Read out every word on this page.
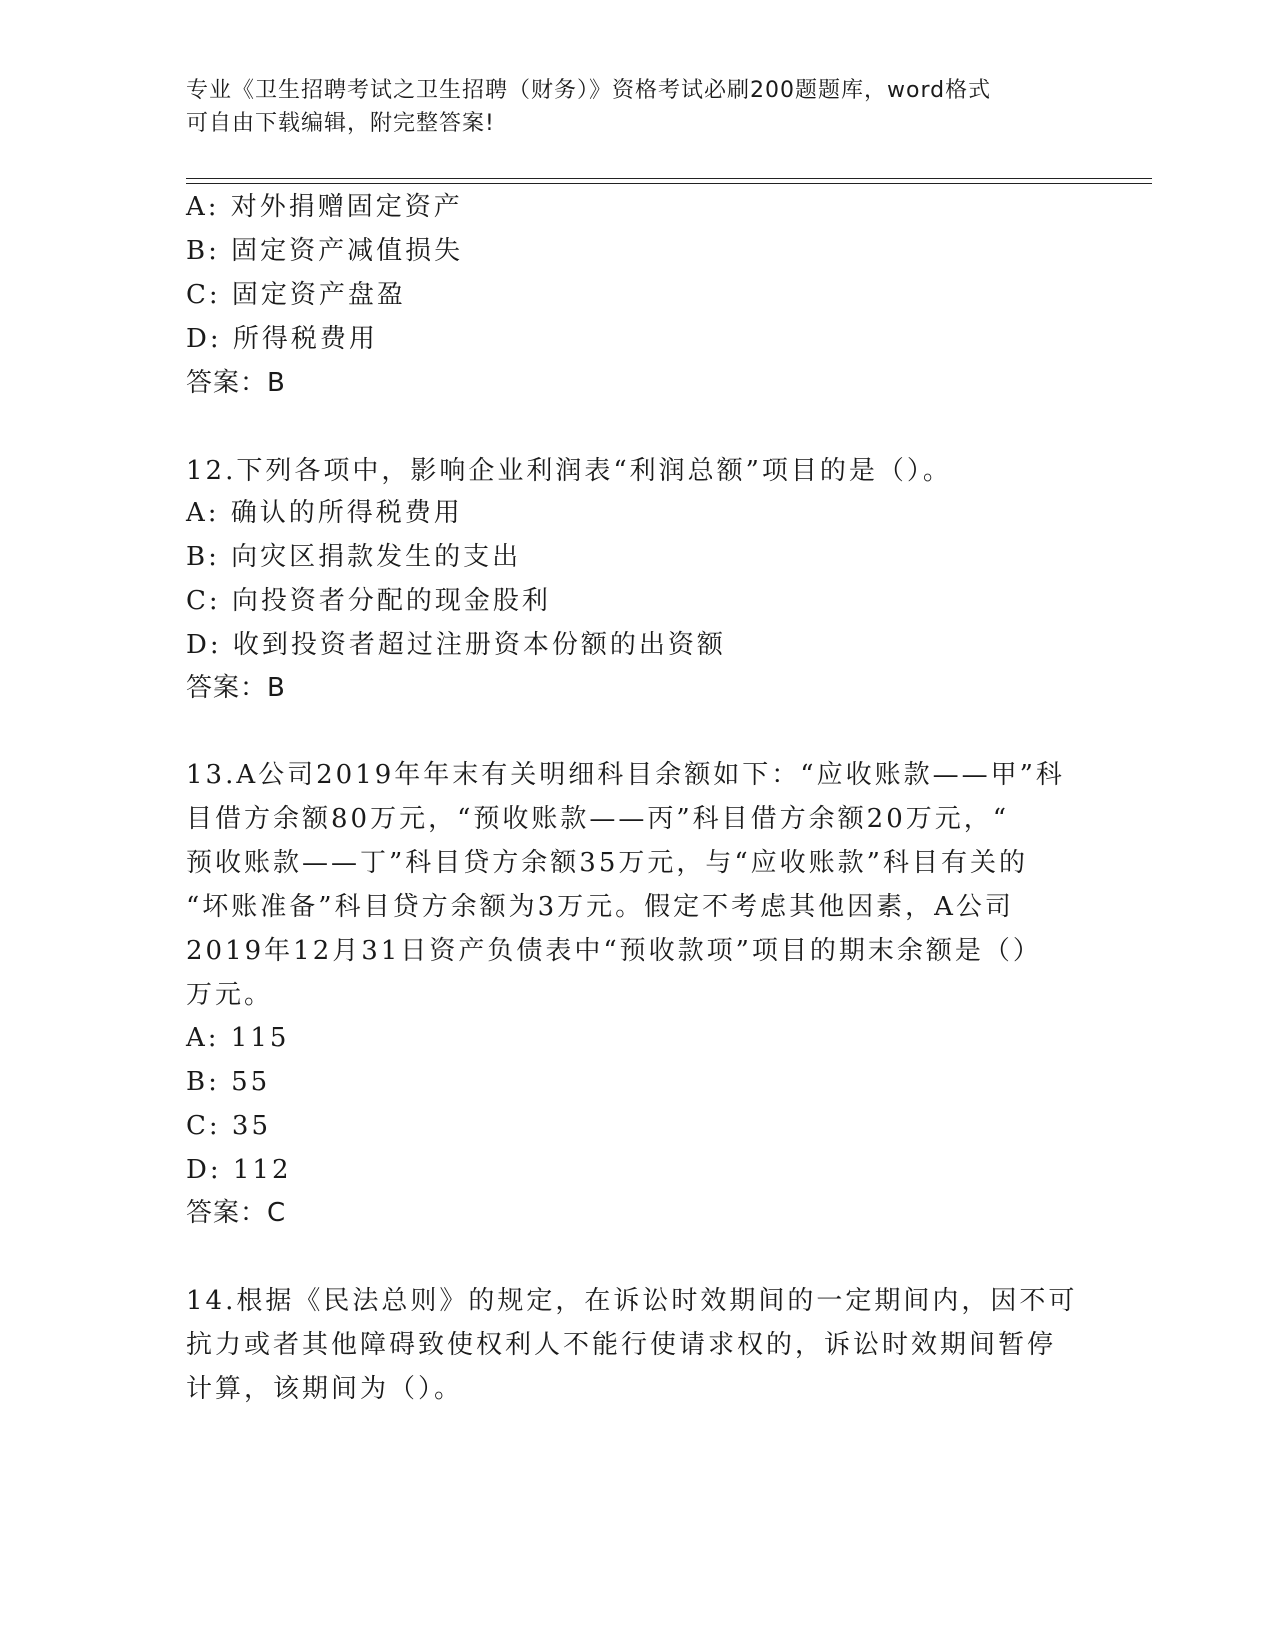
专业《卫生招聘考试之卫生招聘（财务）》资格考试必刷200题题库，word格式
可自由下载编辑，附完整答案!
A: 对外捐赠固定资产
B: 固定资产减值损失
C: 固定资产盘盈
D: 所得税费用
答案：B
12.下列各项中，影响企业利润表“利润总额”项目的是（）。
A: 确认的所得税费用
B: 向灾区捐款发生的支出
C: 向投资者分配的现金股利
D: 收到投资者超过注册资本份额的出资额
答案：B
13.A公司2019年年末有关明细科目余额如下：“应收账款——甲”科
目借方余额80万元，“预收账款——丙”科目借方余额20万元，“
预收账款——丁”科目贷方余额35万元，与“应收账款”科目有关的
“坏账准备”科目贷方余额为3万元。假定不考虑其他因素，A公司
2019年12月31日资产负债表中“预收款项”项目的期末余额是（）
万元。
A: 115
B: 55
C: 35
D: 112
答案：C
14.根据《民法总则》的规定，在诉讼时效期间的一定期间内，因不可
抗力或者其他障碍致使权利人不能行使请求权的，诉讼时效期间暂停
计算，该期间为（）。
